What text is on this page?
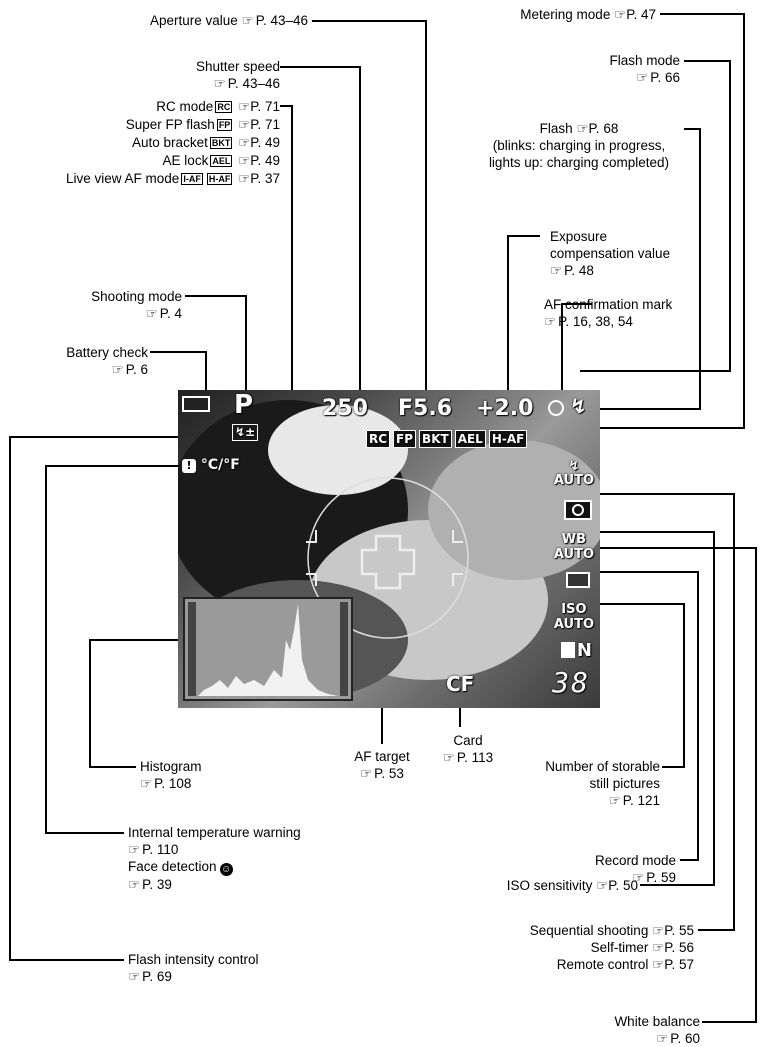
P	250 F5.6 +2.0 ↯
↯±
! °C/°F
RC FP BKT AEL H-AF
↯
AUTO
WB
AUTO
ISO
AUTO
N
CF	38
Aperture value ☞ P. 43–46
Shutter speed
☞ P. 43–46
RC mode RC ☞P. 71
Super FP flash FP ☞P. 71
Auto bracket BKT ☞P. 49
AE lock AEL ☞P. 49
Live view AF mode I-AF H-AF ☞P. 37
Shooting mode
☞ P. 4
Battery check
☞ P. 6
Metering mode ☞P. 47
Flash mode
☞ P. 66
Flash ☞P. 68
(blinks: charging in progress,
lights up: charging completed)
Exposure
compensation value
☞ P. 48
AF confirmation mark
☞ P. 16, 38, 54
Histogram
☞ P. 108
AF target
☞ P. 53
Card
☞ P. 113
Number of storable
still pictures
☞ P. 121
Internal temperature warning
☞ P. 110
Face detection ☺
☞ P. 39
Record mode
☞ P. 59
ISO sensitivity ☞P. 50
Sequential shooting ☞P. 55
Self-timer ☞P. 56
Remote control ☞P. 57
Flash intensity control
☞ P. 69
White balance
☞ P. 60
